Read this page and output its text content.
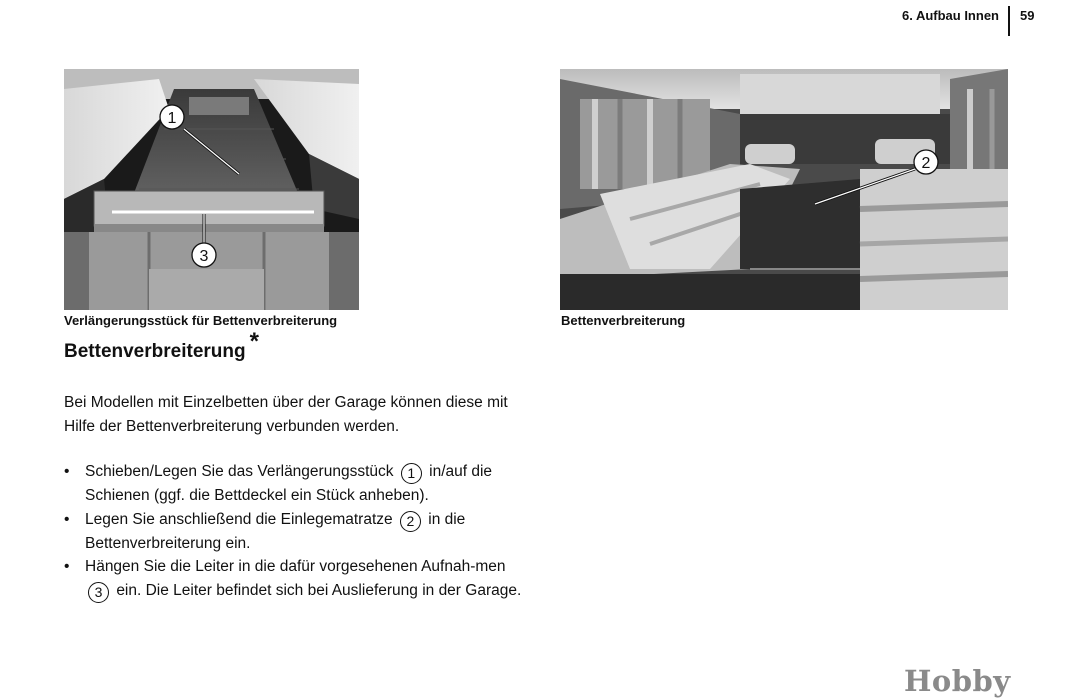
6. Aufbau Innen 59
1
3
Verlängerungsstück für Bettenverbreiterung
2
Bettenverbreiterung
Bettenverbreiterung *

Bei Modellen mit Einzelbetten über der Garage können diese mit Hilfe der Bettenverbreiterung verbunden werden.

• Schieben/Legen Sie das Verlängerungsstück 1 in/auf die Schienen (ggf. die Bettdeckel ein Stück anheben).
• Legen Sie anschließend die Einlegematratze 2 in die Bettenverbreiterung ein.
• Hängen Sie die Leiter in die dafür vorgesehenen Aufnah-men 3 ein. Die Leiter befindet sich bei Auslieferung in der Garage.
Hobby
